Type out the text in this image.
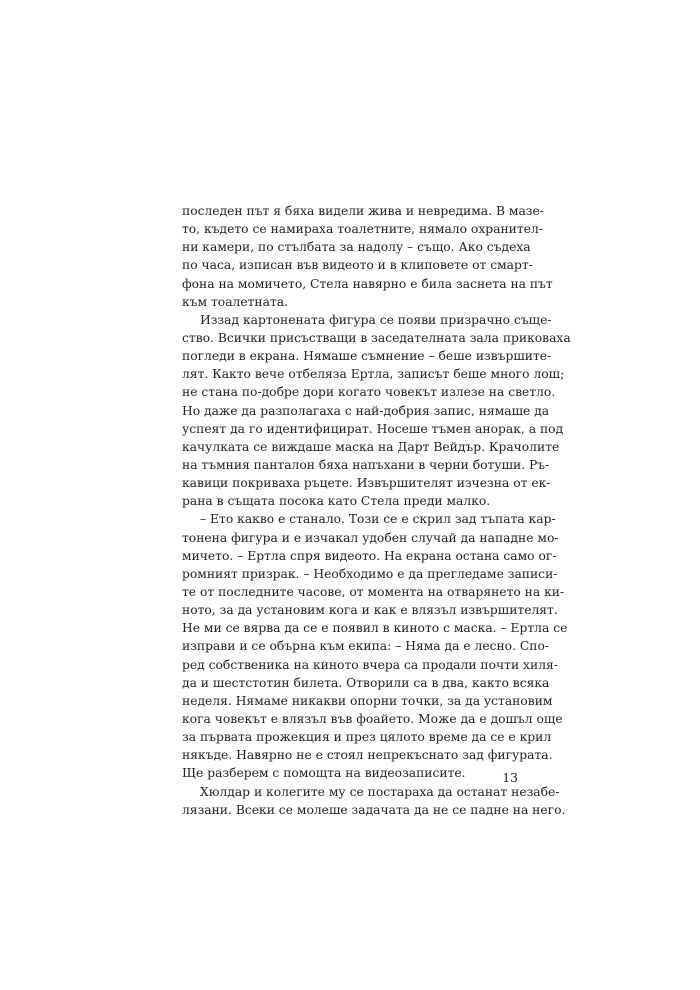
последен път я бяха видели жива и невредима. В мазе-
то, където се намираха тоалетните, нямало охранител-
ни камери, по стълбата за надолу – също. Ако съдеха
по часа, изписан във видеото и в клиповете от смарт-
фона на момичето, Стела навярно е била заснета на път
към тоалетната.
Иззад картонената фигура се появи призрачно съще-
ство. Всички присъстващи в заседателната зала приковаха
погледи в екрана. Нямаше съмнение – беше извършите-
лят. Както вече отбеляза Ертла, записът беше много лош;
не стана по-добре дори когато човекът излезе на светло.
Но даже да разполагаха с най-добрия запис, нямаше да
успеят да го идентифицират. Носеше тъмен анорак, а под
качулката се виждаше маска на Дарт Вейдър. Крачолите
на тъмния панталон бяха напъхани в черни ботуши. Ръ-
кавици покриваха ръцете. Извършителят изчезна от ек-
рана в същата посока като Стела преди малко.
– Ето какво е станало. Този се е скрил зад тъпата кар-
тонена фигура и е изчакал удобен случай да нападне мо-
мичето. – Ертла спря видеото. На екрана остана само ог-
ромният призрак. – Необходимо е да прегледаме записи-
те от последните часове, от момента на отварянето на ки-
ното, за да установим кога и как е влязъл извършителят.
Не ми се вярва да се е появил в киното с маска. – Ертла се
изправи и се обърна към екипа: – Няма да е лесно. Спо-
ред собственика на киното вчера са продали почти хиля-
да и шестстотин билета. Отворили са в два, както всяка
неделя. Нямаме никакви опорни точки, за да установим
кога човекът е влязъл във фоайето. Може да е дошъл още
за първата прожекция и през цялото време да се е крил
някъде. Навярно не е стоял непрекъснато зад фигурата.
Ще разберем с помощта на видеозаписите.
Хюлдар и колегите му се постараха да останат незабе-
лязани. Всеки се молеше задачата да не се падне на него.
13
